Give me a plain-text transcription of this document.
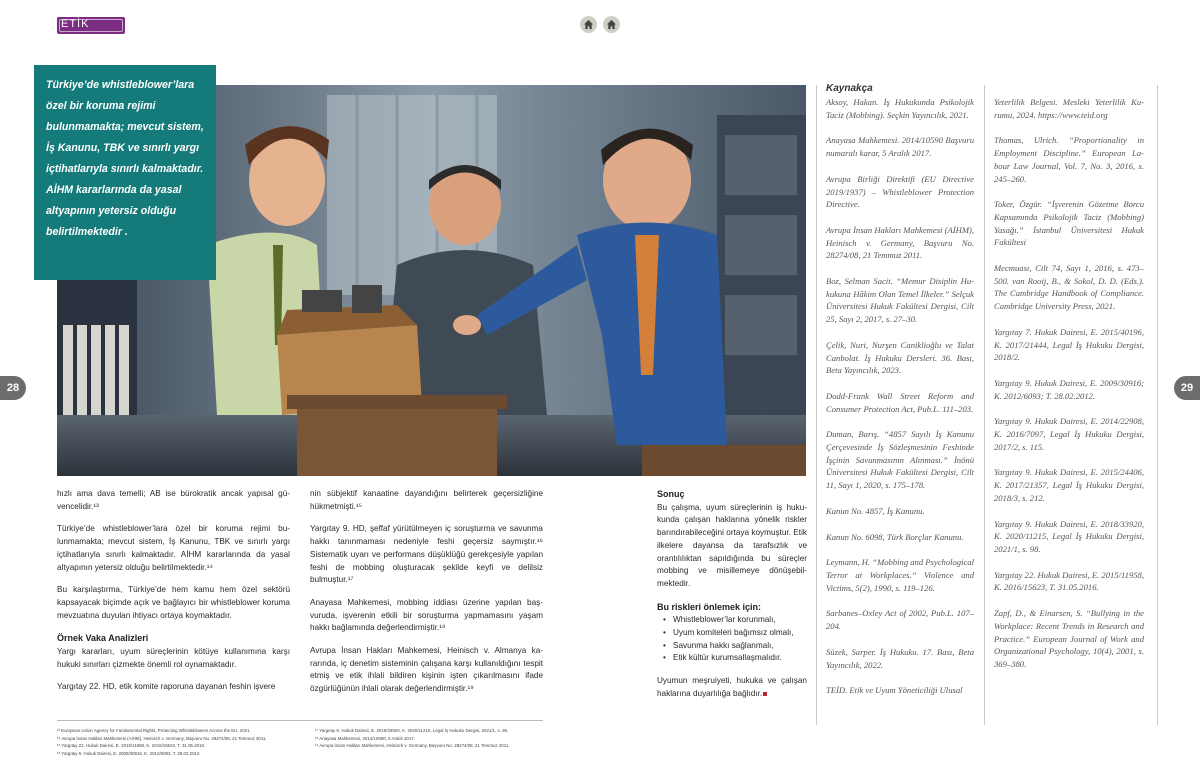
ETİK
28	29

Türkiye’de whistleblower’lara özel bir koruma rejimi bulunmamakta; mevcut sistem, İş Kanunu, TBK ve sınırlı yargı içtihatlarıyla sınırlı kalmaktadır. AİHM kararlarında da yasal altyapının yetersiz olduğu belirtilmektedir .

hızlı ama dava temelli; AB ise bürokratik ancak yapısal güvencelidir.¹³

Türkiye’de whistleblower’lara özel bir koruma rejimi bulunmamakta; mevcut sistem, İş Kanunu, TBK ve sınırlı yargı içtihatlarıyla sınırlı kalmaktadır. AİHM kararlarında da yasal altyapının yetersiz olduğu belirtilmektedir.¹⁴

Bu karşılaştırma, Türkiye’de hem kamu hem özel sektörü kapsayacak biçimde açık ve bağlayıcı bir whistleblower koruma mevzuatına duyulan ihtiyacı ortaya koymaktadır.

Örnek Vaka Analizleri

Yargı kararları, uyum süreçlerinin kötüye kullanımına karşı hukuki sınırları çizmekte önemli rol oynamaktadır.

Yargıtay 22. HD, etik komite raporuna dayanan feshin işvere

nin sübjektif kanaatine dayandığını belirterek geçersizliğine hükmetmişti.¹⁵

Yargıtay 9. HD, şeffaf yürütülmeyen iç soruşturma ve savunma hakkı tanınmaması nedeniyle feshi geçersiz saymıştır.¹⁶ Sistematik uyarı ve performans düşüklüğü gerekçesiyle yapılan feshi de mobbing oluşturacak şekilde keyfi ve delilsiz bulmuştur.¹⁷

Anayasa Mahkemesi, mobbing iddiası üzerine yapılan başvuruda, işverenin etkili bir soruşturma yapmamasını yaşam hakkı bağlamında değerlendirmiştir.¹⁸

Avrupa İnsan Hakları Mahkemesi, Heinisch v. Almanya kararında, iç denetim sisteminin çalışana karşı kullanıldığını tespit etmiş ve etik ihlali bildiren kişinin işten çıkarılmasını ifade özgürlüğünün ihlali olarak değerlendirmiştir.¹⁹

Sonuç

Bu çalışma, uyum süreçlerinin iş hukukunda çalışan haklarına yönelik riskler barındırabileceğini ortaya koymuştur. Etik ilkelere dayansa da tarafsızlık ve orantılılıktan sapıldığında bu süreçler mobbing ve misillemeye dönüşebilmektedir.

Bu riskleri önlemek için:
• Whistleblower’lar korunmalı,
• Uyum komiteleri bağımsız olmalı,
• Savunma hakkı sağlanmalı,
• Etik kültür kurumsallaşmalıdır.

Uyumun meşruiyeti, hukuka ve çalışan haklarına duyarlılığa bağlıdır.

¹³ European Union Agency for Fundamental Rights, Protecting Whistleblowers Across the EU, 2021.
¹⁴ Avrupa İnsan Hakları Mahkemesi (AİHM), Heinisch v. Germany, Başvuru No. 28274/08, 21 Temmuz 2011.
¹⁵ Yargıtay 22. Hukuk Dairesi, E. 2015/11958, K. 2016/15623, T. 31.05.2016.
¹⁶ Yargıtay 9. Hukuk Dairesi, E. 2009/30916, K. 2012/6093, T. 28.02.2012.
¹⁷ Yargıtay 9. Hukuk Dairesi, E. 2018/33920, K. 2020/11215, Legal İş Hukuku Dergisi, 2021/1, s. 98.
¹⁸ Anayasa Mahkemesi, 2014/10590, 5 Aralık 2017.
¹⁹ Avrupa İnsan Hakları Mahkemesi, Heinisch v. Germany, Başvuru No. 28274/08, 21 Temmuz 2011.
Kaynakça
Aksoy, Hakan. İş Hukukunda Psikolojik Taciz (Mobbing). Seçkin Yayıncılık, 2021.
Anayasa Mahkemesi. 2014/10590 Başvuru numaralı karar, 5 Aralık 2017.
Avrupa Birliği Direktifi (EU Directive 2019/1937) – Whistleblower Protection Directive.
Avrupa İnsan Hakları Mahkemesi (AİHM), Heinisch v. Germany, Başvuru No. 28274/08, 21 Temmuz 2011.
Boz, Selman Sacit. “Memur Disiplin Hukukuna Hâkim Olan Temel İlkeler.” Selçuk Üniversitesi Hukuk Fakültesi Dergisi, Cilt 25, Sayı 2, 2017, s. 27–30.
Çelik, Nuri, Nurşen Caniklioğlu ve Talat Canbolat. İş Hukuku Dersleri. 36. Bası, Beta Yayıncılık, 2023.
Dodd-Frank Wall Street Reform and Consumer Protection Act, Pub.L. 111–203.
Duman, Barış. “4857 Sayılı İş Kanunu Çerçevesinde İş Sözleşmesinin Feshinde İşçinin Savunmasının Alınması.” İnönü Üniversitesi Hukuk Fakültesi Dergisi, Cilt 11, Sayı 1, 2020, s. 175–178.
Kanun No. 4857, İş Kanunu.
Kanun No. 6098, Türk Borçlar Kanunu.
Leymann, H. “Mobbing and Psychological Terror at Workplaces.” Violence and Victims, 5(2), 1990, s. 119–126.
Sarbanes–Oxley Act of 2002, Pub.L. 107–204.
Süzek, Sarper. İş Hukuku. 17. Bası, Beta Yayıncılık, 2022.
TEİD. Etik ve Uyum Yöneticiliği Ulusal
Yeterlilik Belgesi. Mesleki Yeterlilik Kurumu, 2024. https://www.teid.org
Thomas, Ulrich. “Proportionality in Employment Discipline.” European Labour Law Journal, Vol. 7, No. 3, 2016, s. 245–260.
Toker, Özgür. “İşverenin Gözetme Borcu Kapsamında Psikolojik Taciz (Mobbing) Yasağı.” İstanbul Üniversitesi Hukuk Fakültesi
Mecmuası, Cilt 74, Sayı 1, 2016, s. 473–500. van Rooij, B., & Sokol, D. D. (Eds.). The Cambridge Handbook of Compliance. Cambridge University Press, 2021.
Yargıtay 7. Hukuk Dairesi, E. 2015/40196, K. 2017/21444, Legal İş Hukuku Dergisi, 2018/2.
Yargıtay 9. Hukuk Dairesi, E. 2009/30916; K. 2012/6093; T. 28.02.2012.
Yargıtay 9. Hukuk Dairesi, E. 2014/22908, K. 2016/7097, Legal İş Hukuku Dergisi, 2017/2, s. 115.
Yargıtay 9. Hukuk Dairesi, E. 2015/24406, K. 2017/21357, Legal İş Hukuku Dergisi, 2018/3, s. 212.
Yargıtay 9. Hukuk Dairesi, E. 2018/33920, K. 2020/11215, Legal İş Hukuku Dergisi, 2021/1, s. 98.
Yargıtay 22. Hukuk Dairesi, E. 2015/11958, K. 2016/15623, T. 31.05.2016.
Zapf, D., & Einarsen, S. “Bullying in the Workplace: Recent Trends in Research and Practice.” European Journal of Work and Organizational Psychology, 10(4), 2001, s. 369–380.
